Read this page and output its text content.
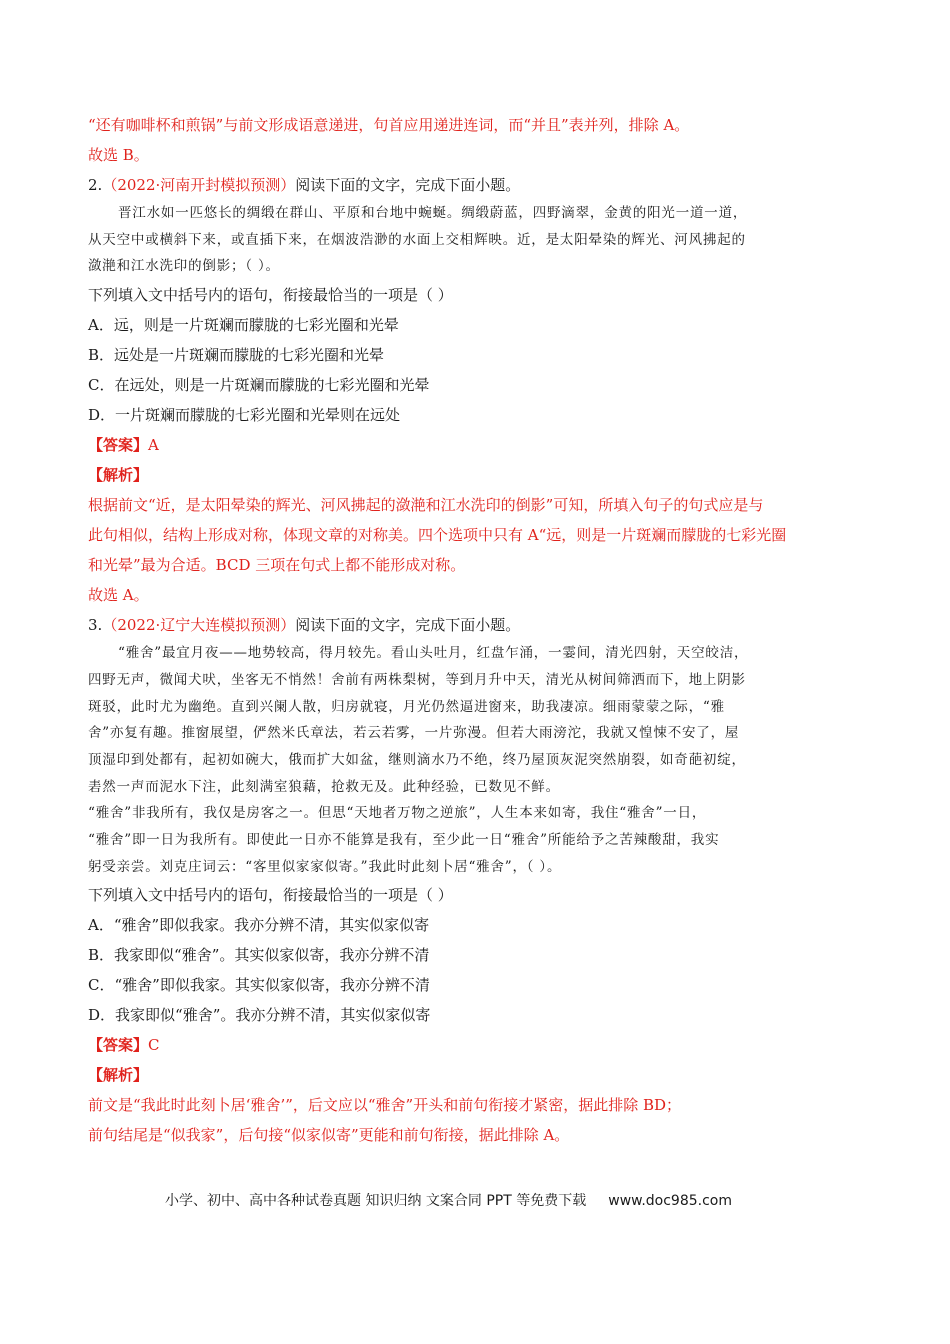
“还有咖啡杯和煎锅”与前文形成语意递进，句首应用递进连词，而“并且”表并列，排除 A。
故选 B。
2.（2022·河南开封模拟预测）阅读下面的文字，完成下面小题。
晋江水如一匹悠长的绸缎在群山、平原和台地中蜿蜒。绸缎蔚蓝，四野滴翠，金黄的阳光一道一道，
从天空中或横斜下来，或直插下来，在烟波浩渺的水面上交相辉映。近，是太阳晕染的辉光、河风拂起的
潋滟和江水洗印的倒影；（ ）。
下列填入文中括号内的语句，衔接最恰当的一项是（ ）
A．远，则是一片斑斓而朦胧的七彩光圈和光晕
B．远处是一片斑斓而朦胧的七彩光圈和光晕
C．在远处，则是一片斑斓而朦胧的七彩光圈和光晕
D．一片斑斓而朦胧的七彩光圈和光晕则在远处
【答案】A
【解析】
根据前文“近，是太阳晕染的辉光、河风拂起的潋滟和江水洗印的倒影”可知，所填入句子的句式应是与
此句相似，结构上形成对称，体现文章的对称美。四个选项中只有 A“远，则是一片斑斓而朦胧的七彩光圈
和光晕”最为合适。BCD 三项在句式上都不能形成对称。
故选 A。
3.（2022·辽宁大连模拟预测）阅读下面的文字，完成下面小题。
“雅舍”最宜月夜——地势较高，得月较先。看山头吐月，红盘乍涌，一霎间，清光四射，天空皎洁，
四野无声，微闻犬吠，坐客无不悄然！舍前有两株梨树，等到月升中天，清光从树间筛洒而下，地上阴影
斑驳，此时尤为幽绝。直到兴阑人散，归房就寝，月光仍然逼进窗来，助我凄凉。细雨蒙蒙之际，“雅
舍”亦复有趣。推窗展望，俨然米氏章法，若云若雾，一片弥漫。但若大雨滂沱，我就又惶悚不安了，屋
顶湿印到处都有，起初如碗大，俄而扩大如盆，继则滴水乃不绝，终乃屋顶灰泥突然崩裂，如奇葩初绽，
砉然一声而泥水下注，此刻满室狼藉，抢救无及。此种经验，已数见不鲜。
“雅舍”非我所有，我仅是房客之一。但思“天地者万物之逆旅”，人生本来如寄，我住“雅舍”一日，
“雅舍”即一日为我所有。即使此一日亦不能算是我有，至少此一日“雅舍”所能给予之苦辣酸甜，我实
躬受亲尝。刘克庄词云：“客里似家家似寄。”我此时此刻卜居“雅舍”，（ ）。
下列填入文中括号内的语句，衔接最恰当的一项是（ ）
A．“雅舍”即似我家。我亦分辨不清，其实似家似寄
B．我家即似“雅舍”。其实似家似寄，我亦分辨不清
C．“雅舍”即似我家。其实似家似寄，我亦分辨不清
D．我家即似“雅舍”。我亦分辨不清，其实似家似寄
【答案】C
【解析】
前文是“我此时此刻卜居‘雅舍’”，后文应以“雅舍”开头和前句衔接才紧密，据此排除 BD；
前句结尾是“似我家”，后句接“似家似寄”更能和前句衔接，据此排除 A。
小学、初中、高中各种试卷真题 知识归纳 文案合同 PPT 等免费下载 www.doc985.com
